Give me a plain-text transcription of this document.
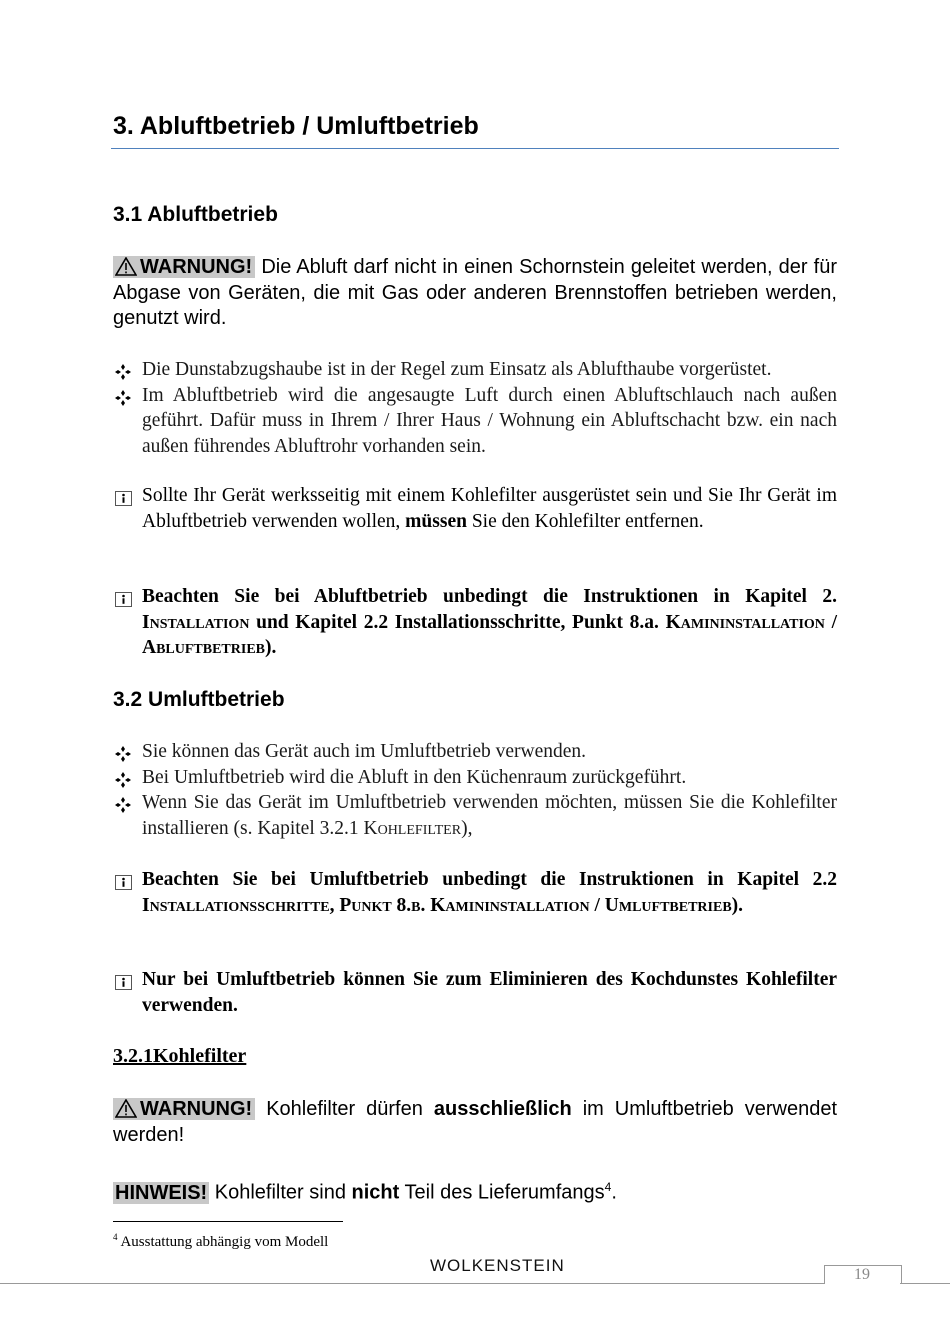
3. Abluftbetrieb / Umluftbetrieb
3.1 Abluftbetrieb
WARNUNG! Die Abluft darf nicht in einen Schornstein geleitet werden, der für Abgase von Geräten, die mit Gas oder anderen Brennstoffen betrieben werden, genutzt wird.
Die Dunstabzugshaube ist in der Regel zum Einsatz als Ablufthaube vorgerüstet.
Im Abluftbetrieb wird die angesaugte Luft durch einen Abluftschlauch nach außen geführt. Dafür muss in Ihrem / Ihrer Haus / Wohnung ein Abluftschacht bzw. ein nach außen führendes Abluftrohr vorhanden sein.
Sollte Ihr Gerät werksseitig mit einem Kohlefilter ausgerüstet sein und Sie Ihr Gerät im Abluftbetrieb verwenden wollen, müssen Sie den Kohlefilter entfernen.
Beachten Sie bei Abluftbetrieb unbedingt die Instruktionen in Kapitel 2. Installation und Kapitel 2.2 Installationsschritte, Punkt 8.a. Kamininstallation / Abluftbetrieb).
3.2 Umluftbetrieb
Sie können das Gerät auch im Umluftbetrieb verwenden.
Bei Umluftbetrieb wird die Abluft in den Küchenraum zurückgeführt.
Wenn Sie das Gerät im Umluftbetrieb verwenden möchten, müssen Sie die Kohlefilter installieren (s. Kapitel 3.2.1 Kohlefilter),
Beachten Sie bei Umluftbetrieb unbedingt die Instruktionen in Kapitel 2.2 Installationsschritte, Punkt 8.b. Kamininstallation / Umluftbetrieb).
Nur bei Umluftbetrieb können Sie zum Eliminieren des Kochdunstes Kohlefilter verwenden.
3.2.1Kohlefilter
WARNUNG! Kohlefilter dürfen ausschließlich im Umluftbetrieb verwendet werden!
HINWEIS! Kohlefilter sind nicht Teil des Lieferumfangs$^4$.
$^4$ Ausstattung abhängig vom Modell
WOLKENSTEIN	19
